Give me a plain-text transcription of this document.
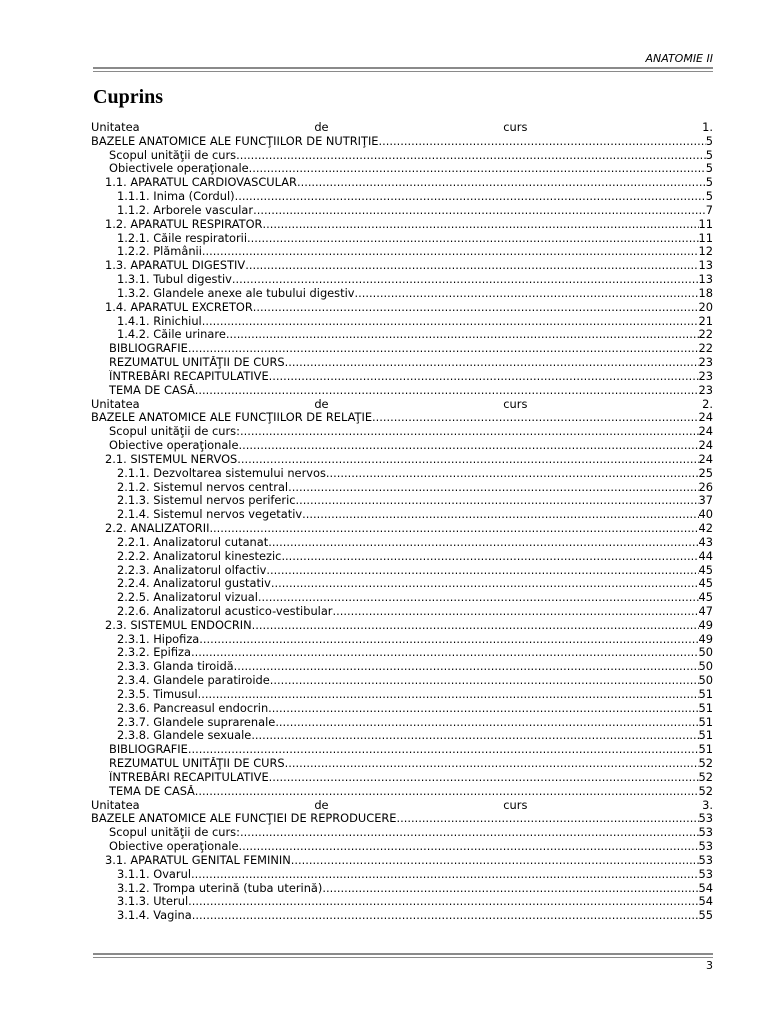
ANATOMIE II
Cuprins
Unitatea	de	curs	1.
BAZELE ANATOMICE ALE FUNCŢIILOR DE NUTRIŢIE .....	5
Scopul unităţii de curs .....	5
Obiectivele operaţionale .....	5
1.1. APARATUL CARDIOVASCULAR .....	5
1.1.1. Inima (Cordul) .....	5
1.1.2. Arborele vascular .....	7
1.2. APARATUL RESPIRATOR .....	11
1.2.1. Căile respiratorii .....	11
1.2.2. Plămânii .....	12
1.3. APARATUL DIGESTIV .....	13
1.3.1. Tubul digestiv .....	13
1.3.2. Glandele anexe ale tubului digestiv .....	18
1.4. APARATUL EXCRETOR .....	20
1.4.1. Rinichiul .....	21
1.4.2. Căile urinare .....	22
BIBLIOGRAFIE .....	22
REZUMATUL UNITĂŢII DE CURS .....	23
ÎNTREBĂRI RECAPITULATIVE .....	23
TEMA DE CASĂ .....	23
Unitatea	de	curs	2.
BAZELE ANATOMICE ALE FUNCŢIILOR DE RELAŢIE .....	24
Scopul unităţii de curs: .....	24
Obiective operaţionale .....	24
2.1. SISTEMUL NERVOS .....	24
2.1.1. Dezvoltarea sistemului nervos .....	25
2.1.2. Sistemul nervos central .....	26
2.1.3. Sistemul nervos periferic .....	37
2.1.4. Sistemul nervos vegetativ .....	40
2.2. ANALIZATORII .....	42
2.2.1. Analizatorul cutanat .....	43
2.2.2. Analizatorul kinestezic .....	44
2.2.3. Analizatorul olfactiv .....	45
2.2.4. Analizatorul gustativ .....	45
2.2.5. Analizatorul vizual .....	45
2.2.6. Analizatorul acustico-vestibular .....	47
2.3. SISTEMUL ENDOCRIN .....	49
2.3.1. Hipofiza .....	49
2.3.2. Epifiza .....	50
2.3.3. Glanda tiroidă .....	50
2.3.4. Glandele paratiroide .....	50
2.3.5. Timusul .....	51
2.3.6. Pancreasul endocrin .....	51
2.3.7. Glandele suprarenale .....	51
2.3.8. Glandele sexuale .....	51
BIBLIOGRAFIE .....	51
REZUMATUL UNITĂŢII DE CURS .....	52
ÎNTREBĂRI RECAPITULATIVE .....	52
TEMA DE CASĂ .....	52
Unitatea	de	curs	3.
BAZELE ANATOMICE ALE FUNCŢIEI DE REPRODUCERE .....	53
Scopul unităţii de curs: .....	53
Obiective operaţionale .....	53
3.1. APARATUL GENITAL FEMININ .....	53
3.1.1. Ovarul .....	53
3.1.2. Trompa uterină (tuba uterină) .....	54
3.1.3. Uterul .....	54
3.1.4. Vagina .....	55
3
